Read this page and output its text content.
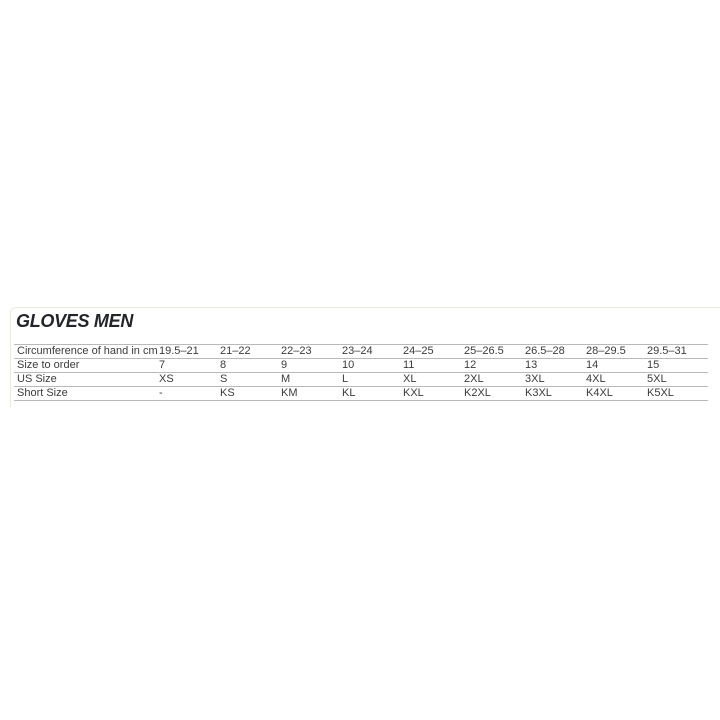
GLOVES MEN
Circumference of hand in cm	19.5–21	21–22	22–23	23–24	24–25	25–26.5	26.5–28	28–29.5	29.5–31
Size to order	7	8	9	10	11	12	13	14	15
US Size	XS	S	M	L	XL	2XL	3XL	4XL	5XL
Short Size	-	KS	KM	KL	KXL	K2XL	K3XL	K4XL	K5XL
